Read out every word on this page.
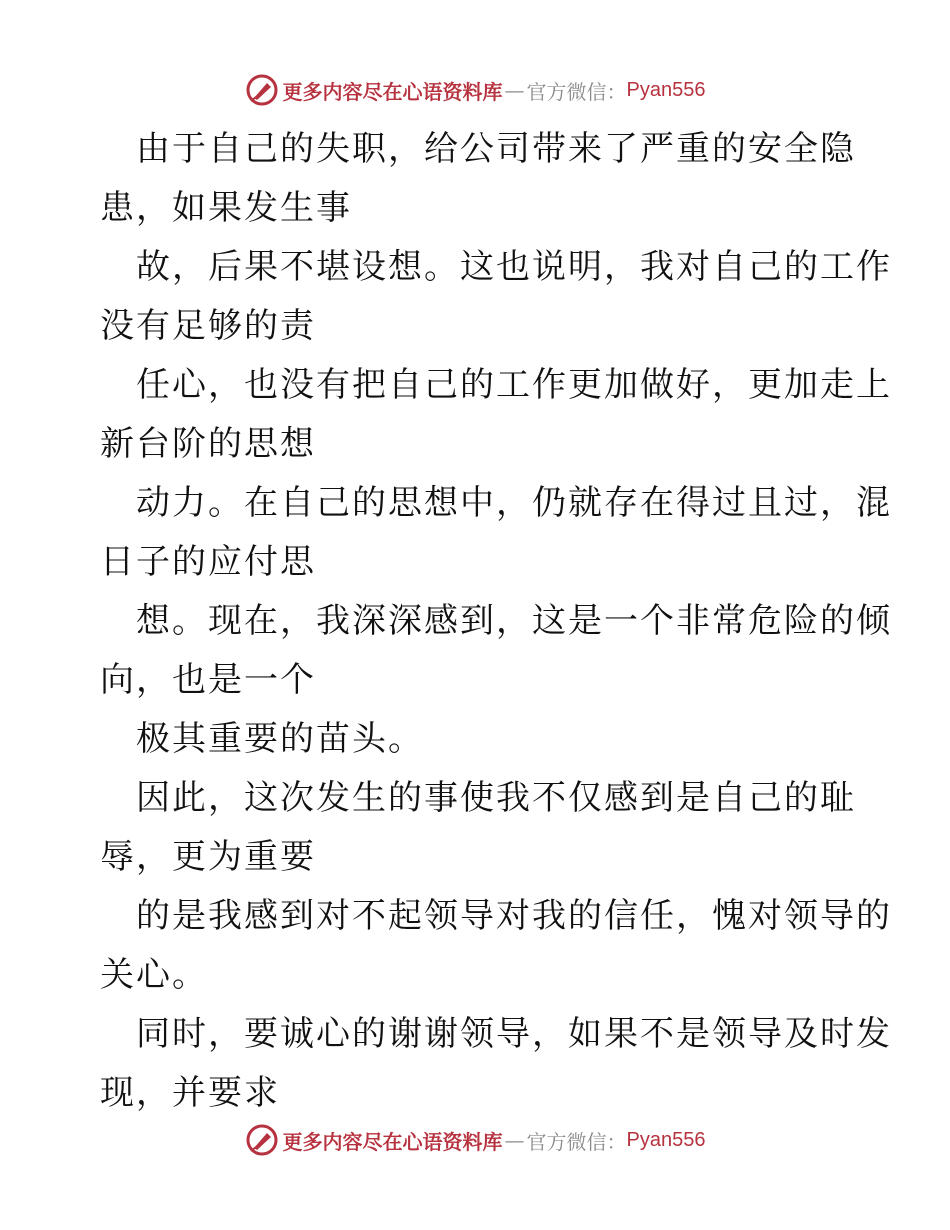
更多内容尽在心语资料库 — 官方微信： Pyan556
由于自己的失职，给公司带来了严重的安全隐
患，如果发生事
故，后果不堪设想。这也说明，我对自己的工作
没有足够的责
任心，也没有把自己的工作更加做好，更加走上
新台阶的思想
动力。在自己的思想中，仍就存在得过且过，混
日子的应付思
想。现在，我深深感到，这是一个非常危险的倾
向，也是一个
极其重要的苗头。
因此，这次发生的事使我不仅感到是自己的耻
辱，更为重要
的是我感到对不起领导对我的信任，愧对领导的
关心。
同时，要诚心的谢谢领导，如果不是领导及时发
现，并要求
更多内容尽在心语资料库 — 官方微信： Pyan556
